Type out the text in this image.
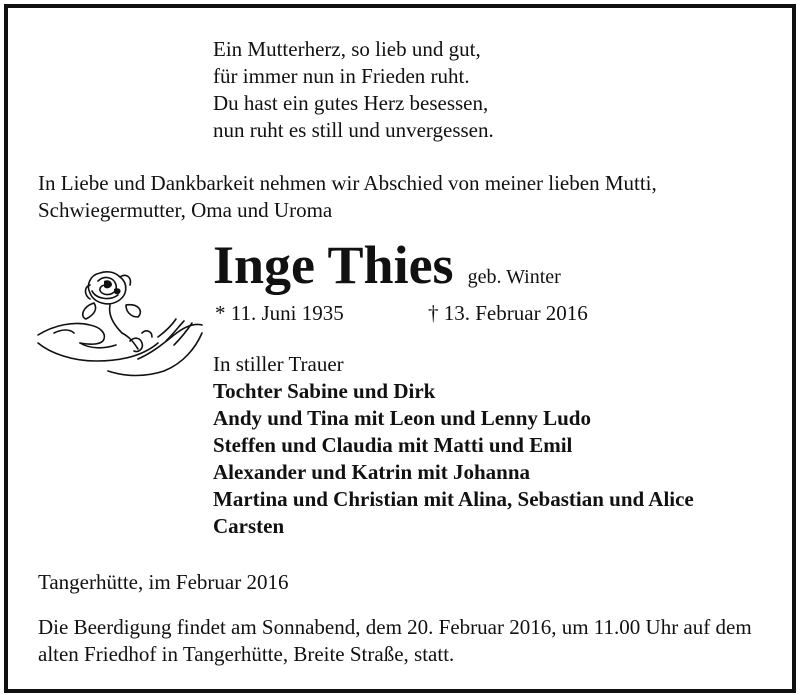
Ein Mutterherz, so lieb und gut,
für immer nun in Frieden ruht.
Du hast ein gutes Herz besessen,
nun ruht es still und unvergessen.
In Liebe und Dankbarkeit nehmen wir Abschied von meiner lieben Mutti, Schwiegermutter, Oma und Uroma
Inge Thies geb. Winter
* 11. Juni 1935	† 13. Februar 2016
In stiller Trauer
Tochter Sabine und Dirk
Andy und Tina mit Leon und Lenny Ludo
Steffen und Claudia mit Matti und Emil
Alexander und Katrin mit Johanna
Martina und Christian mit Alina, Sebastian und Alice
Carsten
Tangerhütte, im Februar 2016
Die Beerdigung findet am Sonnabend, dem 20. Februar 2016, um 11.00 Uhr auf dem alten Friedhof in Tangerhütte, Breite Straße, statt.
